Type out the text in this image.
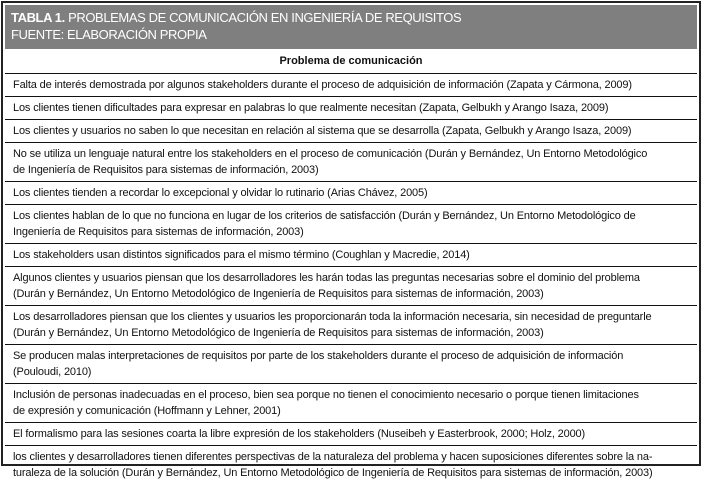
TABLA 1. PROBLEMAS DE COMUNICACIÓN EN INGENIERÍA DE REQUISITOS
FUENTE: ELABORACIÓN PROPIA
Problema de comunicación
Falta de interés demostrada por algunos stakeholders durante el proceso de adquisición de información (Zapata y Cármona, 2009)
Los clientes tienen dificultades para expresar en palabras lo que realmente necesitan (Zapata, Gelbukh y Arango Isaza, 2009)
Los clientes y usuarios no saben lo que necesitan en relación al sistema que se desarrolla (Zapata, Gelbukh y Arango Isaza, 2009)
No se utiliza un lenguaje natural entre los stakeholders en el proceso de comunicación (Durán y Bernández, Un Entorno Metodológico
de Ingeniería de Requisitos para sistemas de información, 2003)
Los clientes tienden a recordar lo excepcional y olvidar lo rutinario (Arias Chávez, 2005)
Los clientes hablan de lo que no funciona en lugar de los criterios de satisfacción (Durán y Bernández, Un Entorno Metodológico de
Ingeniería de Requisitos para sistemas de información, 2003)
Los stakeholders usan distintos significados para el mismo término (Coughlan y Macredie, 2014)
Algunos clientes y usuarios piensan que los desarrolladores les harán todas las preguntas necesarias sobre el dominio del problema
(Durán y Bernández, Un Entorno Metodológico de Ingeniería de Requisitos para sistemas de información, 2003)
Los desarrolladores piensan que los clientes y usuarios les proporcionarán toda la información necesaria, sin necesidad de preguntarle
(Durán y Bernández, Un Entorno Metodológico de Ingeniería de Requisitos para sistemas de información, 2003)
Se producen malas interpretaciones de requisitos por parte de los stakeholders durante el proceso de adquisición de información
(Pouloudi, 2010)
Inclusión de personas inadecuadas en el proceso, bien sea porque no tienen el conocimiento necesario o porque tienen limitaciones
de expresión y comunicación (Hoffmann y Lehner, 2001)
El formalismo para las sesiones coarta la libre expresión de los stakeholders (Nuseibeh y Easterbrook, 2000; Holz, 2000)
los clientes y desarrolladores tienen diferentes perspectivas de la naturaleza del problema y hacen suposiciones diferentes sobre la na-
turaleza de la solución (Durán y Bernández, Un Entorno Metodológico de Ingeniería de Requisitos para sistemas de información, 2003)
